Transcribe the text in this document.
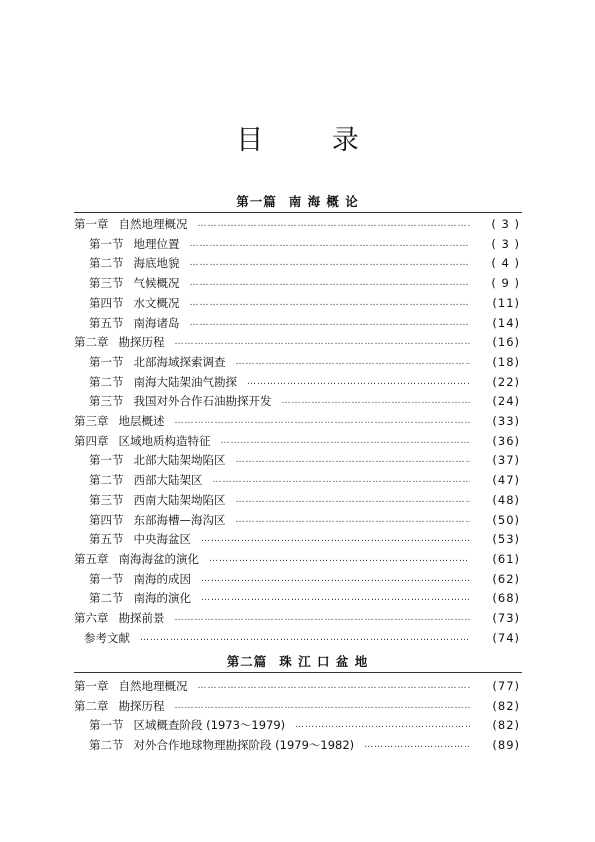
目 录
第一篇 南 海 概 论
第一章 自然地理概况 …………………………………………………………………………………………………………………………………………	( 3 )
第一节 地理位置 …………………………………………………………………………………………………………………………………………	( 3 )
第二节 海底地貌 …………………………………………………………………………………………………………………………………………	( 4 )
第三节 气候概况 …………………………………………………………………………………………………………………………………………	( 9 )
第四节 水文概况 …………………………………………………………………………………………………………………………………………	(11)
第五节 南海诸岛 …………………………………………………………………………………………………………………………………………	(14)
第二章 勘探历程 …………………………………………………………………………………………………………………………………………	(16)
第一节 北部海域探索调查 …………………………………………………………………………………………………………………………………………	(18)
第二节 南海大陆架油气勘探 …………………………………………………………………………………………………………………………………………	(22)
第三节 我国对外合作石油勘探开发 …………………………………………………………………………………………………………………………………………	(24)
第三章 地层概述 …………………………………………………………………………………………………………………………………………	(33)
第四章 区域地质构造特征 …………………………………………………………………………………………………………………………………………	(36)
第一节 北部大陆架坳陷区 …………………………………………………………………………………………………………………………………………	(37)
第二节 西部大陆架区 …………………………………………………………………………………………………………………………………………	(47)
第三节 西南大陆架坳陷区 …………………………………………………………………………………………………………………………………………	(48)
第四节 东部海槽—海沟区 …………………………………………………………………………………………………………………………………………	(50)
第五节 中央海盆区 …………………………………………………………………………………………………………………………………………	(53)
第五章 南海海盆的演化 …………………………………………………………………………………………………………………………………………	(61)
第一节 南海的成因 …………………………………………………………………………………………………………………………………………	(62)
第二节 南海的演化 …………………………………………………………………………………………………………………………………………	(68)
第六章 勘探前景 …………………………………………………………………………………………………………………………………………	(73)
参考文献 …………………………………………………………………………………………………………………………………………	(74)
第二篇 珠 江 口 盆 地
第一章 自然地理概况 …………………………………………………………………………………………………………………………………………	(77)
第二章 勘探历程 …………………………………………………………………………………………………………………………………………	(82)
第一节 区域概查阶段 (1973～1979) …………………………………………………………………………………………………………………………………………	(82)
第二节 对外合作地球物理勘探阶段 (1979～1982) …………………………………………………………………………………………………………………………………………	(89)
